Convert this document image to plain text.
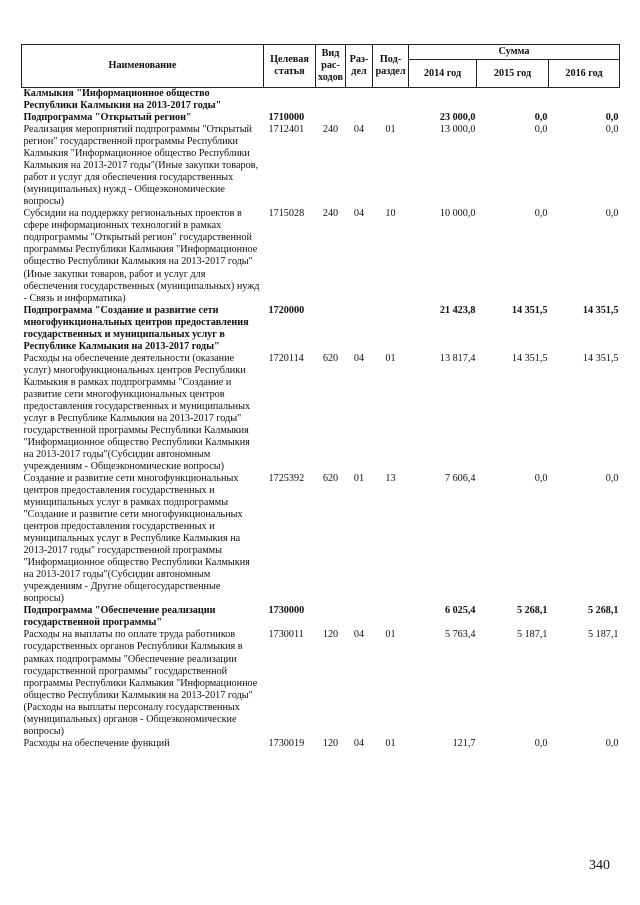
Наименование	Целевая статья	Вид рас-ходов	Раз-дел	Под-раздел	Сумма		
					2014 год	2015 год	2016 год
Калмыкия "Информационное общество Республики Калмыкия на 2013-2017 годы"							
Подпрограмма "Открытый регион"	1710000				23 000,0	0,0	0,0
Реализация мероприятий подпрограммы "Открытый регион" государственной программы Республики Калмыкия "Информационное общество Республики Калмыкия на 2013-2017 годы"(Иные закупки товаров, работ и услуг для обеспечения государственных (муниципальных) нужд - Общеэкономические вопросы)	1712401	240	04	01	13 000,0	0,0	0,0
Субсидии на поддержку региональных проектов в сфере информационных технологий в рамках подпрограммы "Открытый регион" государственной программы Республики Калмыкия "Информационное общество Республики Калмыкия на 2013-2017 годы"(Иные закупки товаров, работ и услуг для обеспечения государственных (муниципальных) нужд - Связь и информатика)	1715028	240	04	10	10 000,0	0,0	0,0
Подпрограмма "Создание и развитие сети многофункциональных центров предоставления государственных и муниципальных услуг в Республике Калмыкия на 2013-2017 годы"	1720000				21 423,8	14 351,5	14 351,5
Расходы на обеспечение деятельности (оказание услуг) многофункциональных центров Республики Калмыкия в рамках подпрограммы "Создание и развитие сети многофункциональных центров предоставления государственных и муниципальных услуг в Республике Калмыкия на 2013-2017 годы" государственной программы Республики Калмыкия "Информационное общество Республики Калмыкия на 2013-2017 годы"(Субсидии автономным учреждениям - Общеэкономические вопросы)	1720114	620	04	01	13 817,4	14 351,5	14 351,5
Создание и развитие сети многофункциональных центров предоставления государственных и муниципальных услуг в рамках подпрограммы "Создание и развитие сети многофункциональных центров предоставления государственных и муниципальных услуг в Республике Калмыкия на 2013-2017 годы" государственной программы "Информационное общество Республики Калмыкия на 2013-2017 годы"(Субсидии автономным учреждениям - Другие общегосударственные вопросы)	1725392	620	01	13	7 606,4	0,0	0,0
Подпрограмма "Обеспечение реализации государственной программы"	1730000				6 025,4	5 268,1	5 268,1
Расходы на выплаты по оплате труда работников государственных органов Республики Калмыкия в рамках подпрограммы "Обеспечение реализации государственной программы" государственной программы Республики Калмыкия "Информационное общество Республики Калмыкия на 2013-2017 годы"(Расходы на выплаты персоналу государственных (муниципальных) органов - Общеэкономические вопросы)	1730011	120	04	01	5 763,4	5 187,1	5 187,1
Расходы на обеспечение функций	1730019	120	04	01	121,7	0,0	0,0
340
